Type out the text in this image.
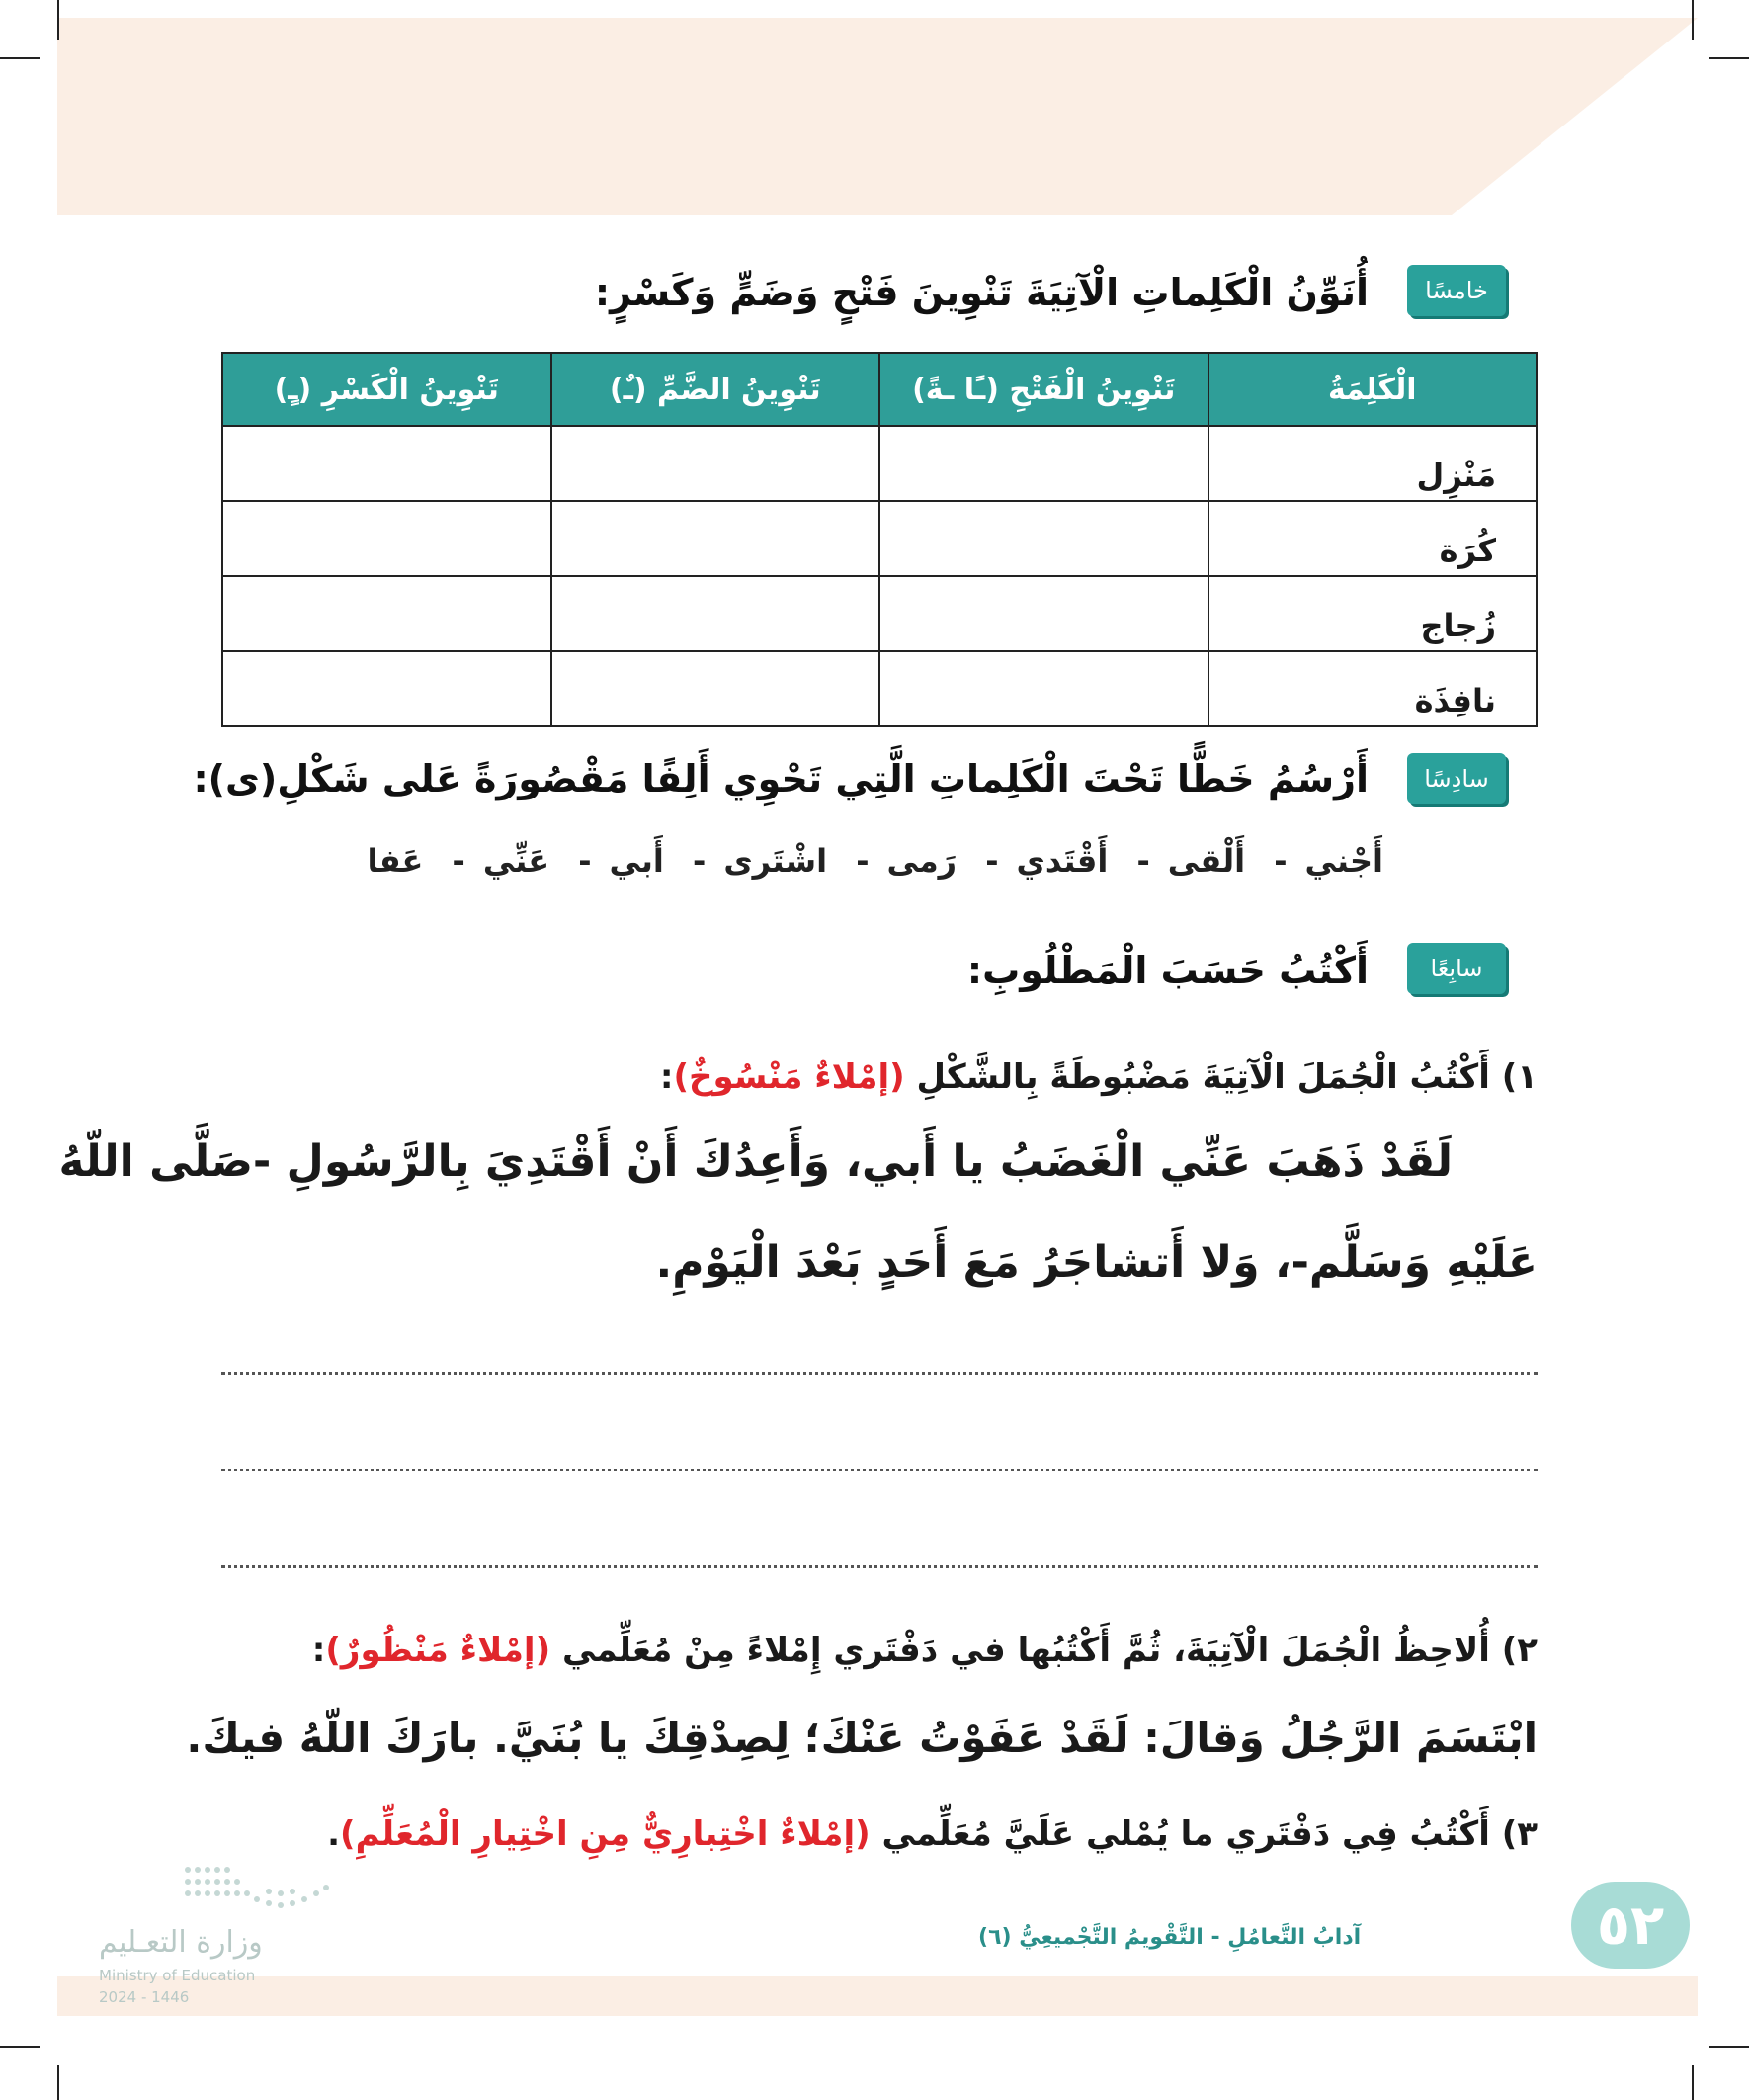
خامسًا
أُنَوِّنُ الْكَلِماتِ الْآتِيَةَ تَنْوِينَ فَتْحٍ وَضَمٍّ وَكَسْرٍ:
الْكَلِمَةُ	تَنْوِينُ الْفَتْحِ (ـًا ـةً)	تَنْوِينُ الضَّمِّ (ـٌ)	تَنْوِينُ الْكَسْرِ (ـٍ)
مَنْزِل			
كُرَة			
زُجاج			
نافِذَة			
سادِسًا
أَرْسُمُ خَطًّا تَحْتَ الْكَلِماتِ الَّتِي تَحْوِي أَلِفًا مَقْصُورَةً عَلى شَكْلِ(ى):
أَجْني- أَلْقى- أَقْتَدي- رَمى- اشْتَرى- أَبي- عَنِّي- عَفا
سابِعًا
أَكْتُبُ حَسَبَ الْمَطْلُوبِ:
١) أَكْتُبُ الْجُمَلَ الْآتِيَةَ مَضْبُوطَةً بِالشَّكْلِ (إمْلاءٌ مَنْسُوخٌ):
لَقَدْ ذَهَبَ عَنِّي الْغَضَبُ يا أَبي، وَأَعِدُكَ أَنْ أَقْتَدِيَ بِالرَّسُولِ -صَلَّى اللّهُ
عَلَيْهِ وَسَلَّم-، وَلا أَتشاجَرُ مَعَ أَحَدٍ بَعْدَ الْيَوْمِ.
٢) أُلاحِظُ الْجُمَلَ الْآتِيَةَ، ثُمَّ أَكْتُبُها في دَفْتَري إِمْلاءً مِنْ مُعَلِّمي (إمْلاءٌ مَنْظُورٌ):
ابْتَسَمَ الرَّجُلُ وَقالَ: لَقَدْ عَفَوْتُ عَنْكَ؛ لِصِدْقِكَ يا بُنَيَّ. بارَكَ اللّهُ فيكَ.
٣) أَكْتُبُ فِي دَفْتَري ما يُمْلي عَلَيَّ مُعَلِّمي (إمْلاءٌ اخْتِبارِيٌّ مِنِ اخْتِيارِ الْمُعَلِّمِ).
٥٢
آدابُ التَّعامُلِ - التَّقْويمُ التَّجْميعِيُّ (٦)
وزارة التعـليم
Ministry of Education
2024 - 1446
